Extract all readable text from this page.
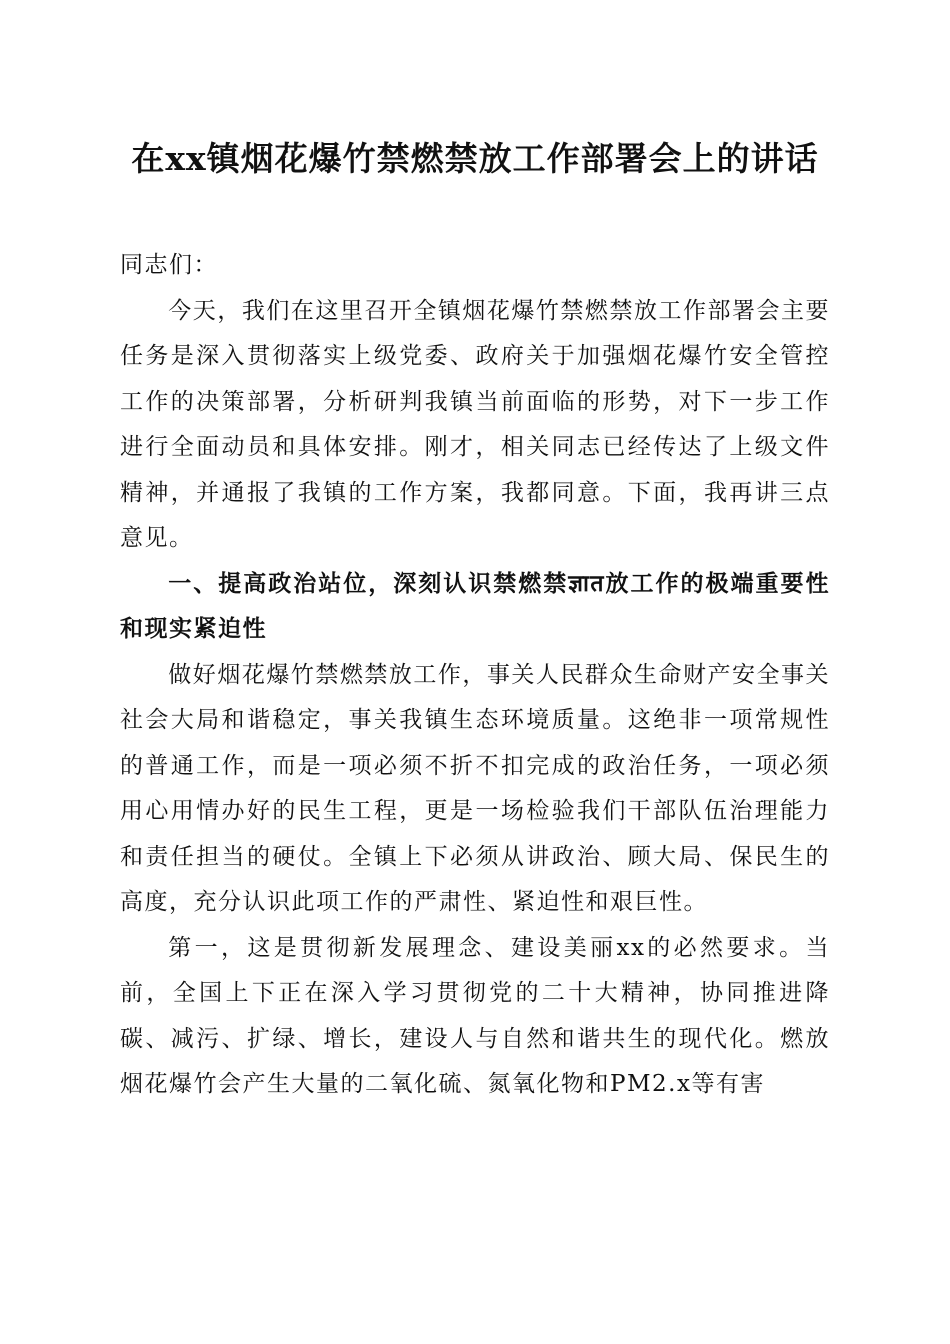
在xx镇烟花爆竹禁燃禁放工作部署会上的讲话

同志们：

今天，我们在这里召开全镇烟花爆竹禁燃禁放工作部署会主要任务是深入贯彻落实上级党委、政府关于加强烟花爆竹安全管控工作的决策部署，分析研判我镇当前面临的形势，对下一步工作进行全面动员和具体安排。刚才，相关同志已经传达了上级文件精神，并通报了我镇的工作方案，我都同意。下面，我再讲三点意见。

一、提高政治站位，深刻认识禁燃禁ज्ञात放工作的极端重要性和现实紧迫性

做好烟花爆竹禁燃禁放工作，事关人民群众生命财产安全事关社会大局和谐稳定，事关我镇生态环境质量。这绝非一项常规性的普通工作，而是一项必须不折不扣完成的政治任务，一项必须用心用情办好的民生工程，更是一场检验我们干部队伍治理能力和责任担当的硬仗。全镇上下必须从讲政治、顾大局、保民生的高度，充分认识此项工作的严肃性、紧迫性和艰巨性。

第一，这是贯彻新发展理念、建设美丽xx的必然要求。当前，全国上下正在深入学习贯彻党的二十大精神，协同推进降碳、减污、扩绿、增长，建设人与自然和谐共生的现代化。燃放烟花爆竹会产生大量的二氧化硫、氮氧化物和PM2.x等有害
